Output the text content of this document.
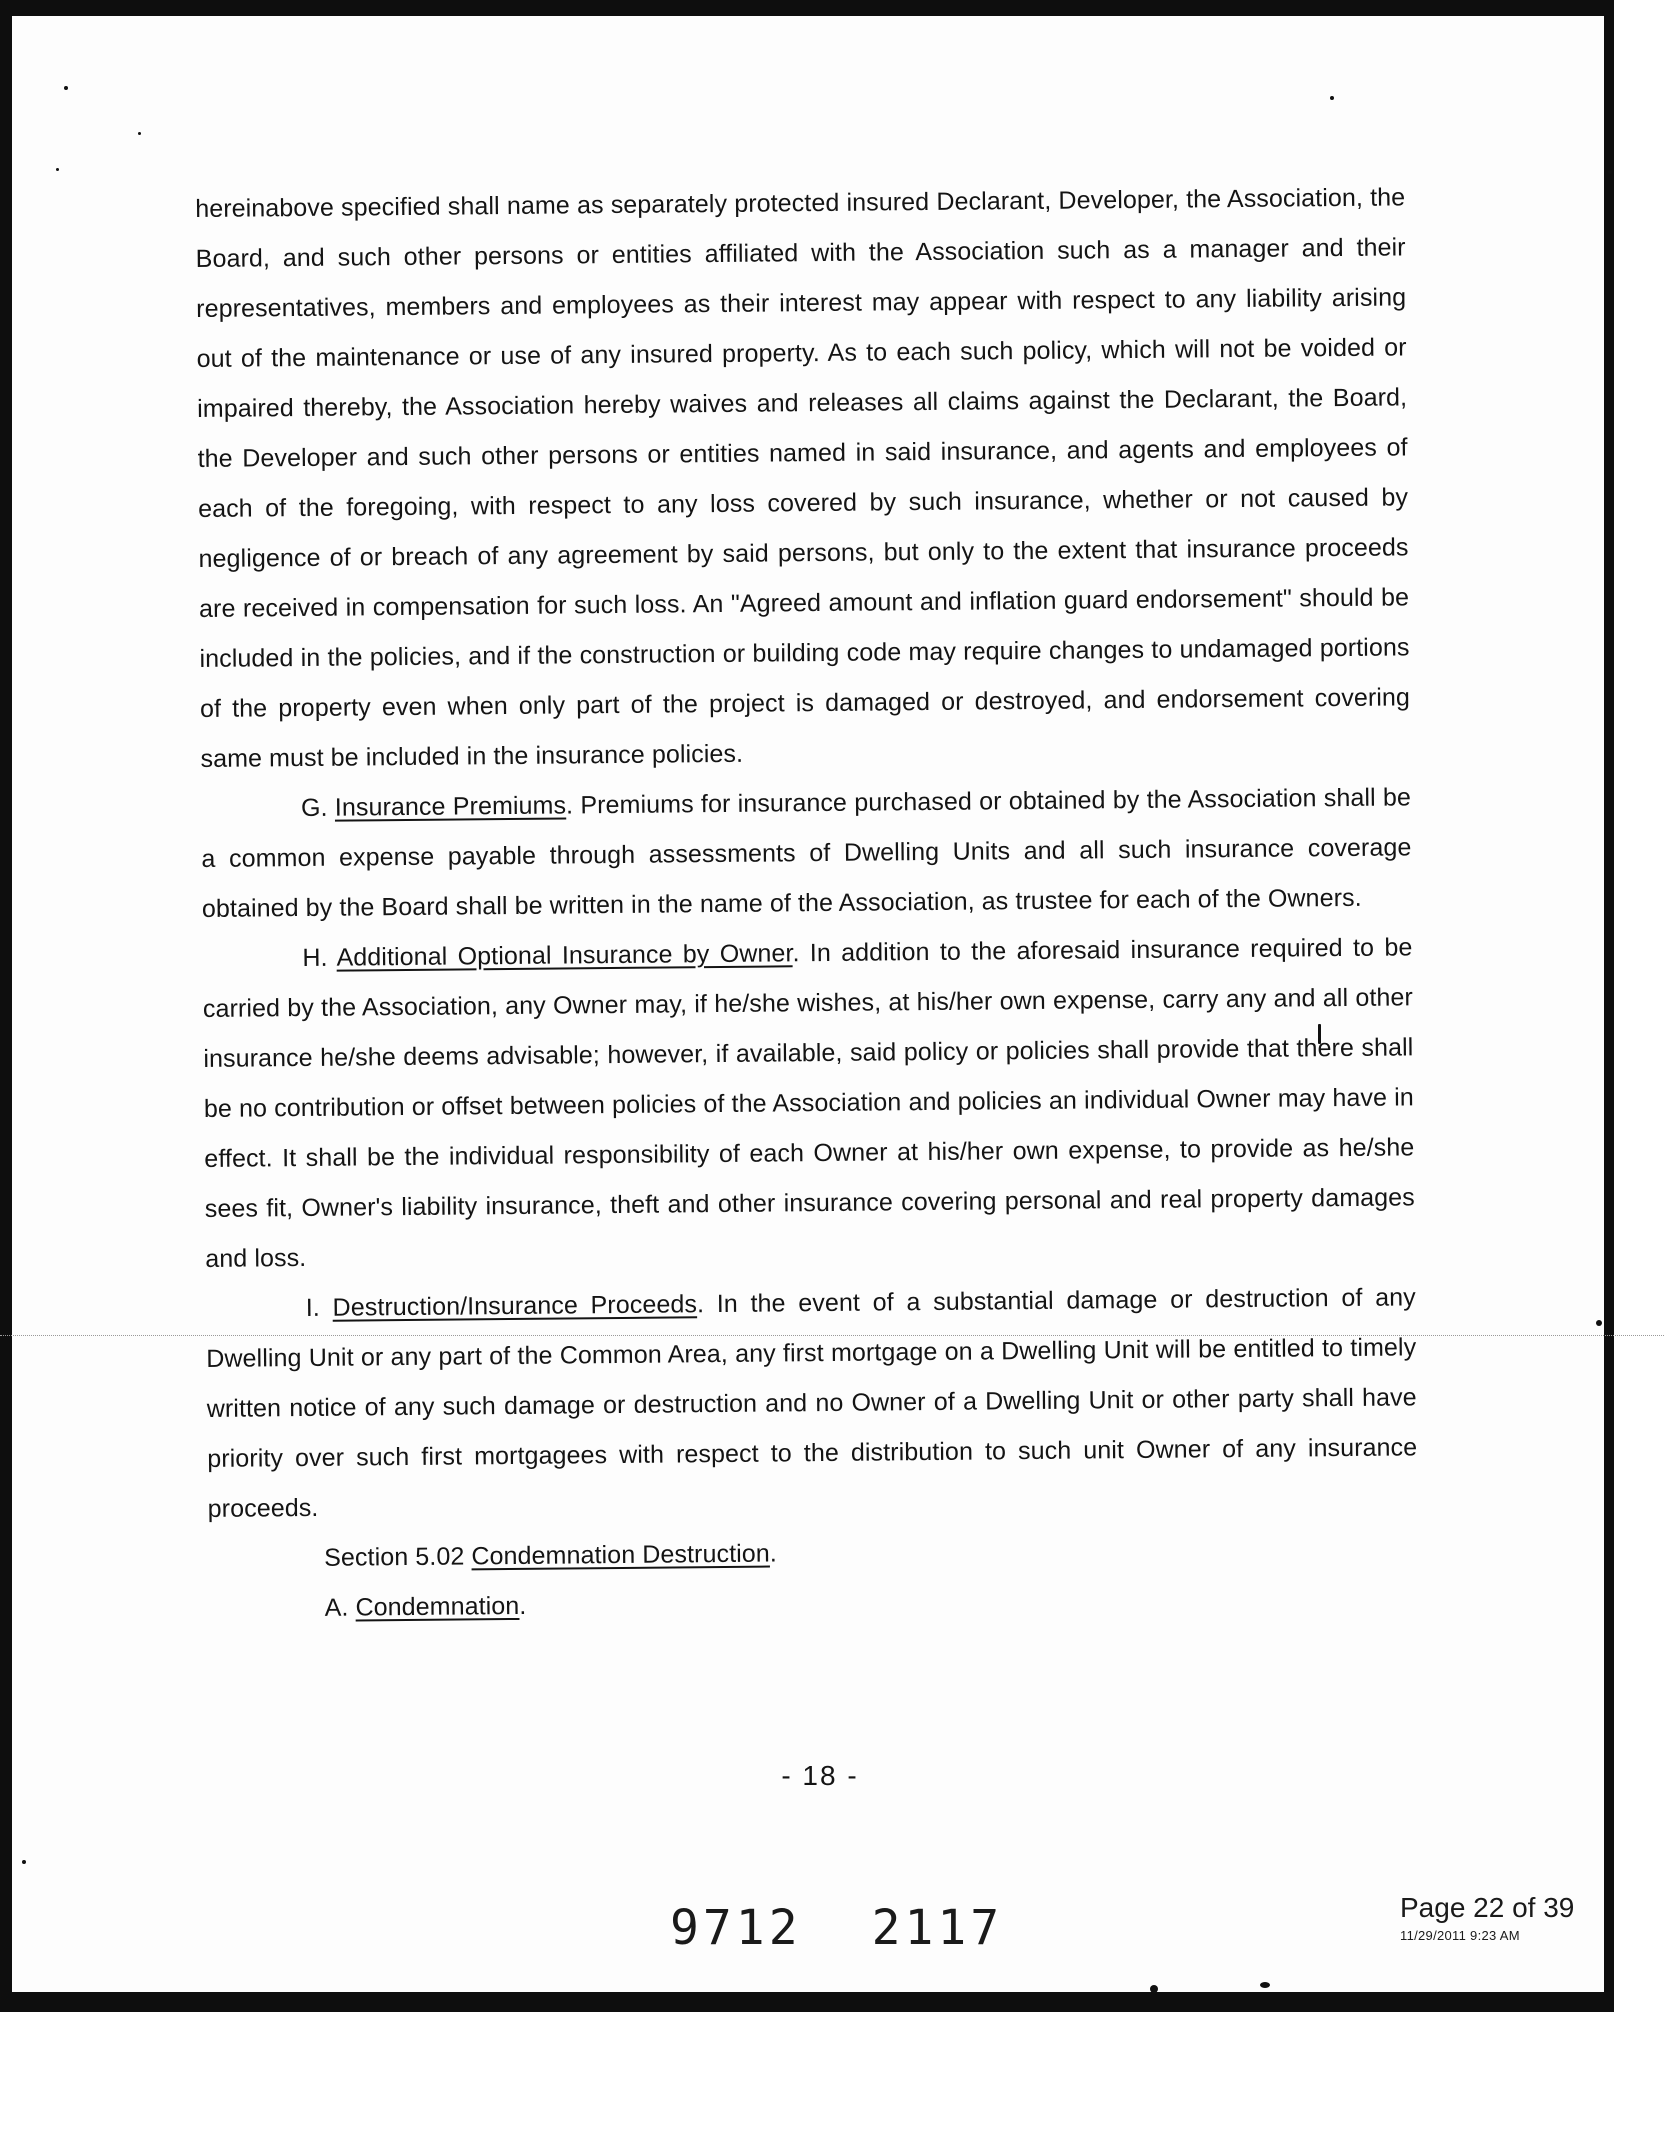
hereinabove specified shall name as separately protected insured Declarant, Developer, the Association, the Board, and such other persons or entities affiliated with the Association such as a manager and their representatives, members and employees as their interest may appear with respect to any liability arising out of the maintenance or use of any insured property. As to each such policy, which will not be voided or impaired thereby, the Association hereby waives and releases all claims against the Declarant, the Board, the Developer and such other persons or entities named in said insurance, and agents and employees of each of the foregoing, with respect to any loss covered by such insurance, whether or not caused by negligence of or breach of any agreement by said persons, but only to the extent that insurance proceeds are received in compensation for such loss. An "Agreed amount and inflation guard endorsement" should be included in the policies, and if the construction or building code may require changes to undamaged portions of the property even when only part of the project is damaged or destroyed, and endorsement covering same must be included in the insurance policies.

G. Insurance Premiums. Premiums for insurance purchased or obtained by the Association shall be a common expense payable through assessments of Dwelling Units and all such insurance coverage obtained by the Board shall be written in the name of the Association, as trustee for each of the Owners.

H. Additional Optional Insurance by Owner. In addition to the aforesaid insurance required to be carried by the Association, any Owner may, if he/she wishes, at his/her own expense, carry any and all other insurance he/she deems advisable; however, if available, said policy or policies shall provide that there shall be no contribution or offset between policies of the Association and policies an individual Owner may have in effect. It shall be the individual responsibility of each Owner at his/her own expense, to provide as he/she sees fit, Owner's liability insurance, theft and other insurance covering personal and real property damages and loss.

I. Destruction/Insurance Proceeds. In the event of a substantial damage or destruction of any Dwelling Unit or any part of the Common Area, any first mortgage on a Dwelling Unit will be entitled to timely written notice of any such damage or destruction and no Owner of a Dwelling Unit or other party shall have priority over such first mortgagees with respect to the distribution to such unit Owner of any insurance proceeds.

Section 5.02 Condemnation Destruction.

A. Condemnation.

- 18 -
9712 2117	Page 22 of 39
11/29/2011 9:23 AM
